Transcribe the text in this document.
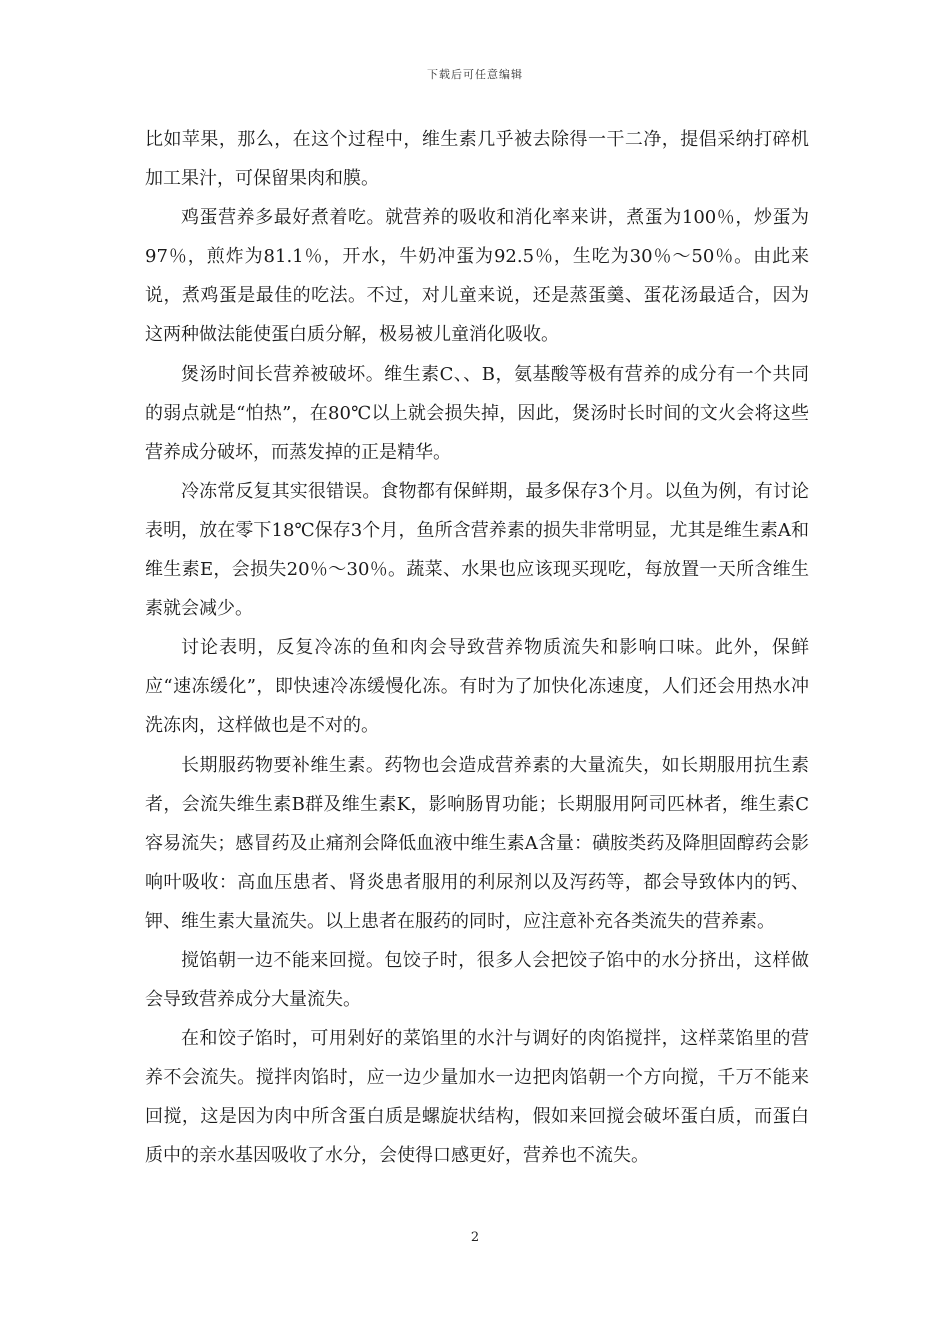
下载后可任意编辑

比如苹果，那么，在这个过程中，维生素几乎被去除得一干二净，提倡采纳打碎机加工果汁，可保留果肉和膜。

鸡蛋营养多最好煮着吃。就营养的吸收和消化率来讲，煮蛋为100％，炒蛋为97％，煎炸为81.1％，开水，牛奶冲蛋为92.5％，生吃为30％～50％。由此来说，煮鸡蛋是最佳的吃法。不过，对儿童来说，还是蒸蛋羹、蛋花汤最适合，因为这两种做法能使蛋白质分解，极易被儿童消化吸收。

煲汤时间长营养被破坏。维生素C、、B，氨基酸等极有营养的成分有一个共同的弱点就是“怕热”，在80℃以上就会损失掉，因此，煲汤时长时间的文火会将这些营养成分破坏，而蒸发掉的正是精华。

冷冻常反复其实很错误。食物都有保鲜期，最多保存3个月。以鱼为例，有讨论表明，放在零下18℃保存3个月，鱼所含营养素的损失非常明显，尤其是维生素A和维生素E，会损失20％～30％。蔬菜、水果也应该现买现吃，每放置一天所含维生素就会减少。

讨论表明，反复冷冻的鱼和肉会导致营养物质流失和影响口味。此外，保鲜应“速冻缓化”，即快速冷冻缓慢化冻。有时为了加快化冻速度，人们还会用热水冲洗冻肉，这样做也是不对的。

长期服药物要补维生素。药物也会造成营养素的大量流失，如长期服用抗生素者，会流失维生素B群及维生素K，影响肠胃功能；长期服用阿司匹林者，维生素C容易流失；感冒药及止痛剂会降低血液中维生素A含量：磺胺类药及降胆固醇药会影响叶吸收：高血压患者、肾炎患者服用的利尿剂以及泻药等，都会导致体内的钙、钾、维生素大量流失。以上患者在服药的同时，应注意补充各类流失的营养素。

搅馅朝一边不能来回搅。包饺子时，很多人会把饺子馅中的水分挤出，这样做会导致营养成分大量流失。

在和饺子馅时，可用剁好的菜馅里的水汁与调好的肉馅搅拌，这样菜馅里的营养不会流失。搅拌肉馅时，应一边少量加水一边把肉馅朝一个方向搅，千万不能来回搅，这是因为肉中所含蛋白质是螺旋状结构，假如来回搅会破坏蛋白质，而蛋白质中的亲水基因吸收了水分，会使得口感更好，营养也不流失。

2
